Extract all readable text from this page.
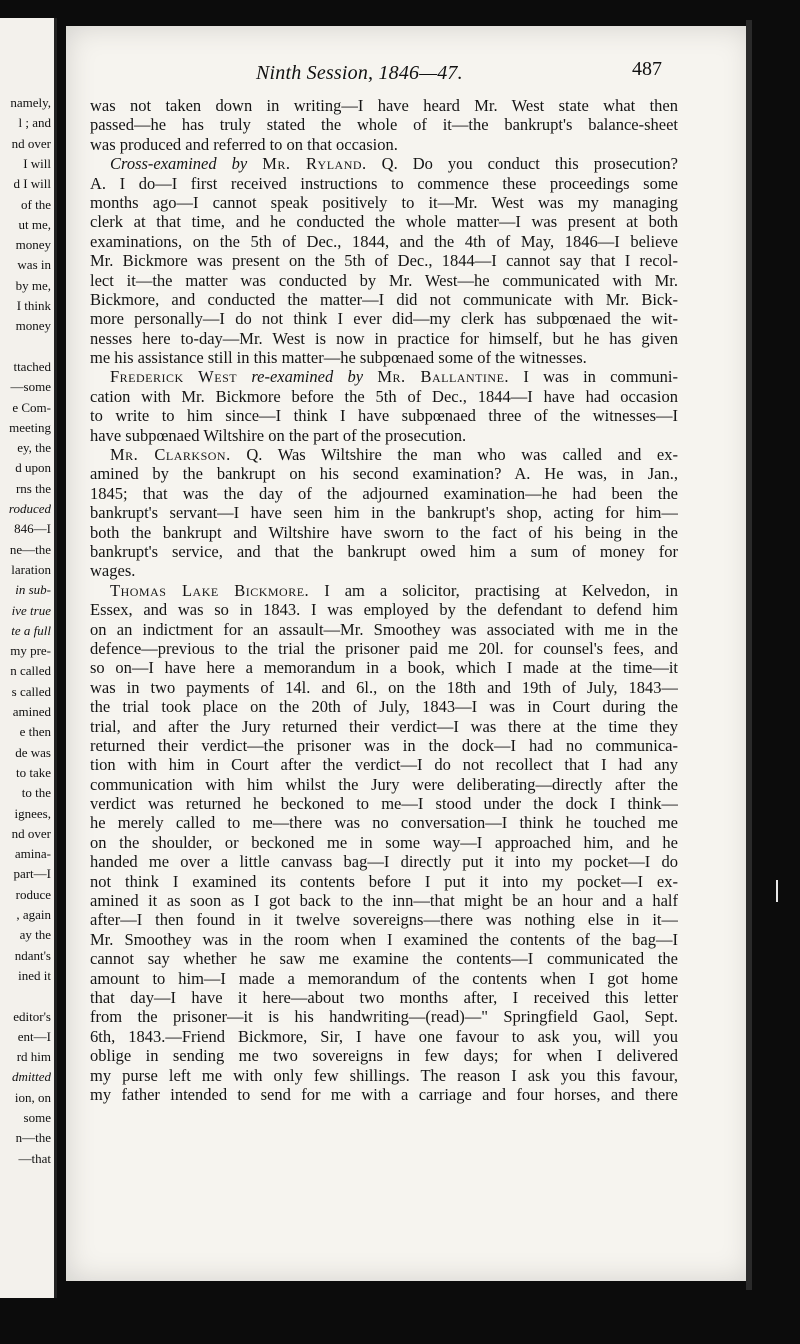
namely,
l ; and
nd over
I will
d I will
of the
ut me,
money
was in
by me,
I think
money
ttached
—some
e Com-
meeting
ey, the
d upon
rns the
roduced
846—I
ne—the
laration
in sub-
ive true
te a full
my pre-
n called
s called
amined
e then
de was
to take
to the
ignees,
nd over
amina-
part—I
roduce
, again
ay the
ndant's
ined it
editor's
ent—I
rd him
dmitted
ion, on
some
n—the
—that
Ninth Session, 1846—47.	487
was not taken down in writing—I have heard Mr. West state what then
passed—he has truly stated the whole of it—the bankrupt's balance-sheet
was produced and referred to on that occasion.
Cross-examined by Mr. Ryland. Q. Do you conduct this prosecution?
A. I do—I first received instructions to commence these proceedings some
months ago—I cannot speak positively to it—Mr. West was my managing
clerk at that time, and he conducted the whole matter—I was present at both
examinations, on the 5th of Dec., 1844, and the 4th of May, 1846—I believe
Mr. Bickmore was present on the 5th of Dec., 1844—I cannot say that I recol-
lect it—the matter was conducted by Mr. West—he communicated with Mr.
Bickmore, and conducted the matter—I did not communicate with Mr. Bick-
more personally—I do not think I ever did—my clerk has subpœnaed the wit-
nesses here to-day—Mr. West is now in practice for himself, but he has given
me his assistance still in this matter—he subpœnaed some of the witnesses.
Frederick West re-examined by Mr. Ballantine. I was in communi-
cation with Mr. Bickmore before the 5th of Dec., 1844—I have had occasion
to write to him since—I think I have subpœnaed three of the witnesses—I
have subpœnaed Wiltshire on the part of the prosecution.
Mr. Clarkson. Q. Was Wiltshire the man who was called and ex-
amined by the bankrupt on his second examination? A. He was, in Jan.,
1845; that was the day of the adjourned examination—he had been the
bankrupt's servant—I have seen him in the bankrupt's shop, acting for him—
both the bankrupt and Wiltshire have sworn to the fact of his being in the
bankrupt's service, and that the bankrupt owed him a sum of money for
wages.
Thomas Lake Bickmore. I am a solicitor, practising at Kelvedon, in
Essex, and was so in 1843. I was employed by the defendant to defend him
on an indictment for an assault—Mr. Smoothey was associated with me in the
defence—previous to the trial the prisoner paid me 20l. for counsel's fees, and
so on—I have here a memorandum in a book, which I made at the time—it
was in two payments of 14l. and 6l., on the 18th and 19th of July, 1843—
the trial took place on the 20th of July, 1843—I was in Court during the
trial, and after the Jury returned their verdict—I was there at the time they
returned their verdict—the prisoner was in the dock—I had no communica-
tion with him in Court after the verdict—I do not recollect that I had any
communication with him whilst the Jury were deliberating—directly after the
verdict was returned he beckoned to me—I stood under the dock I think—
he merely called to me—there was no conversation—I think he touched me
on the shoulder, or beckoned me in some way—I approached him, and he
handed me over a little canvass bag—I directly put it into my pocket—I do
not think I examined its contents before I put it into my pocket—I ex-
amined it as soon as I got back to the inn—that might be an hour and a half
after—I then found in it twelve sovereigns—there was nothing else in it—
Mr. Smoothey was in the room when I examined the contents of the bag—I
cannot say whether he saw me examine the contents—I communicated the
amount to him—I made a memorandum of the contents when I got home
that day—I have it here—about two months after, I received this letter
from the prisoner—it is his handwriting—(read)—" Springfield Gaol, Sept.
6th, 1843.—Friend Bickmore, Sir, I have one favour to ask you, will you
oblige in sending me two sovereigns in few days; for when I delivered
my purse left me with only few shillings. The reason I ask you this favour,
my father intended to send for me with a carriage and four horses, and there
